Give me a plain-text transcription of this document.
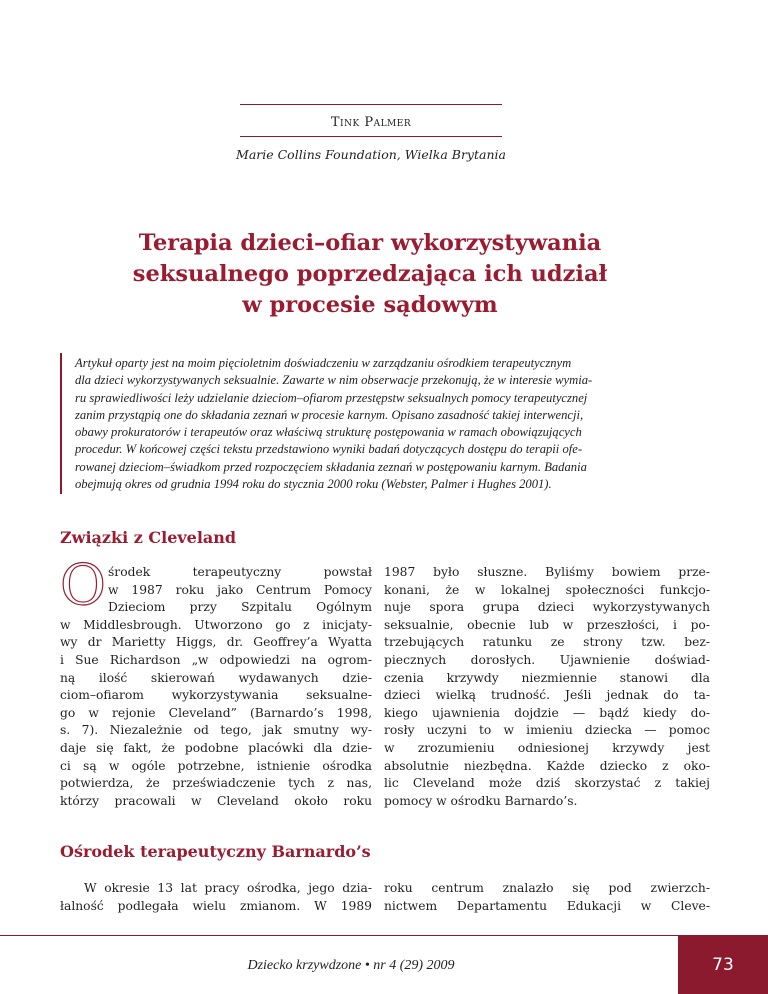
Tink Palmer
Marie Collins Foundation, Wielka Brytania
Terapia dzieci–ofiar wykorzystywania
seksualnego poprzedzająca ich udział
w procesie sądowym
Artykuł oparty jest na moim pięcioletnim doświadczeniu w zarządzaniu ośrodkiem terapeutycznym
dla dzieci wykorzystywanych seksualnie. Zawarte w nim obserwacje przekonują, że w interesie wymia-
ru sprawiedliwości leży udzielanie dzieciom–ofiarom przestępstw seksualnych pomocy terapeutycznej
zanim przystąpią one do składania zeznań w procesie karnym. Opisano zasadność takiej interwencji,
obawy prokuratorów i terapeutów oraz właściwą strukturę postępowania w ramach obowiązujących
procedur. W końcowej części tekstu przedstawiono wyniki badań dotyczących dostępu do terapii ofe-
rowanej dzieciom–świadkom przed rozpoczęciem składania zeznań w postępowaniu karnym. Badania
obejmują okres od grudnia 1994 roku do stycznia 2000 roku (Webster, Palmer i Hughes 2001).
Związki z Cleveland
O środek terapeutyczny powstał
w 1987 roku jako Centrum Pomocy
Dzieciom przy Szpitalu Ogólnym
w Middlesbrough. Utworzono go z inicjaty-
wy dr Marietty Higgs, dr. Geoffrey’a Wyatta
i Sue Richardson „w odpowiedzi na ogrom-
ną ilość skierowań wydawanych dzie-
ciom–ofiarom wykorzystywania seksualne-
go w rejonie Cleveland” (Barnardo’s 1998,
s. 7). Niezależnie od tego, jak smutny wy-
daje się fakt, że podobne placówki dla dzie-
ci są w ogóle potrzebne, istnienie ośrodka
potwierdza, że przeświadczenie tych z nas,
którzy pracowali w Cleveland około roku
1987 było słuszne. Byliśmy bowiem prze-
konani, że w lokalnej społeczności funkcjo-
nuje spora grupa dzieci wykorzystywanych
seksualnie, obecnie lub w przeszłości, i po-
trzebujących ratunku ze strony tzw. bez-
piecznych dorosłych. Ujawnienie doświad-
czenia krzywdy niezmiennie stanowi dla
dzieci wielką trudność. Jeśli jednak do ta-
kiego ujawnienia dojdzie — bądź kiedy do-
rosły uczyni to w imieniu dziecka — pomoc
w zrozumieniu odniesionej krzywdy jest
absolutnie niezbędna. Każde dziecko z oko-
lic Cleveland może dziś skorzystać z takiej
pomocy w ośrodku Barnardo’s.
Ośrodek terapeutyczny Barnardo’s
W okresie 13 lat pracy ośrodka, jego dzia-
łalność podlegała wielu zmianom. W 1989
roku centrum znalazło się pod zwierzch-
nictwem Departamentu Edukacji w Cleve-
Dziecko krzywdzone • nr 4 (29) 2009	73
